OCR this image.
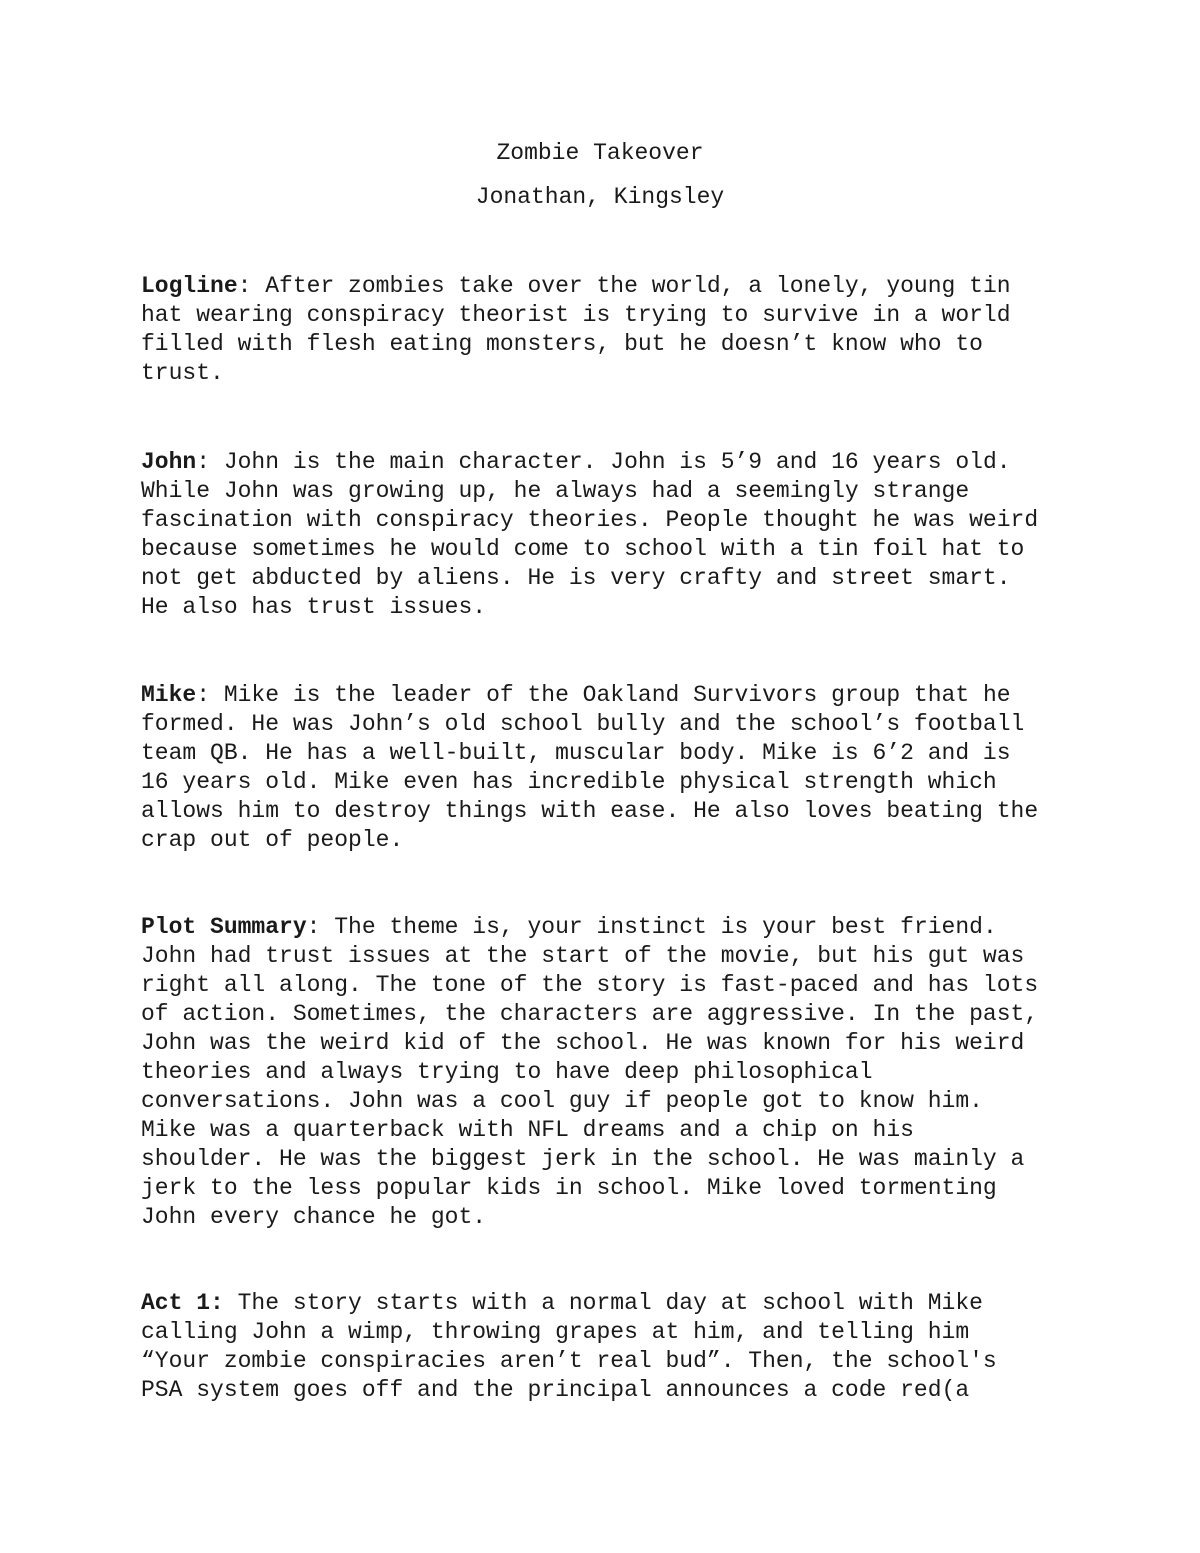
Zombie Takeover
Jonathan, Kingsley
Logline: After zombies take over the world, a lonely, young tin
hat wearing conspiracy theorist is trying to survive in a world
filled with flesh eating monsters, but he doesn’t know who to
trust.
John: John is the main character. John is 5’9 and 16 years old.
While John was growing up, he always had a seemingly strange
fascination with conspiracy theories. People thought he was weird
because sometimes he would come to school with a tin foil hat to
not get abducted by aliens. He is very crafty and street smart.
He also has trust issues.
Mike: Mike is the leader of the Oakland Survivors group that he
formed. He was John’s old school bully and the school’s football
team QB. He has a well-built, muscular body. Mike is 6’2 and is
16 years old. Mike even has incredible physical strength which
allows him to destroy things with ease. He also loves beating the
crap out of people.
Plot Summary: The theme is, your instinct is your best friend.
John had trust issues at the start of the movie, but his gut was
right all along. The tone of the story is fast-paced and has lots
of action. Sometimes, the characters are aggressive. In the past,
John was the weird kid of the school. He was known for his weird
theories and always trying to have deep philosophical
conversations. John was a cool guy if people got to know him.
Mike was a quarterback with NFL dreams and a chip on his
shoulder. He was the biggest jerk in the school. He was mainly a
jerk to the less popular kids in school. Mike loved tormenting
John every chance he got.
Act 1: The story starts with a normal day at school with Mike
calling John a wimp, throwing grapes at him, and telling him
“Your zombie conspiracies aren’t real bud”. Then, the school's
PSA system goes off and the principal announces a code red(a
